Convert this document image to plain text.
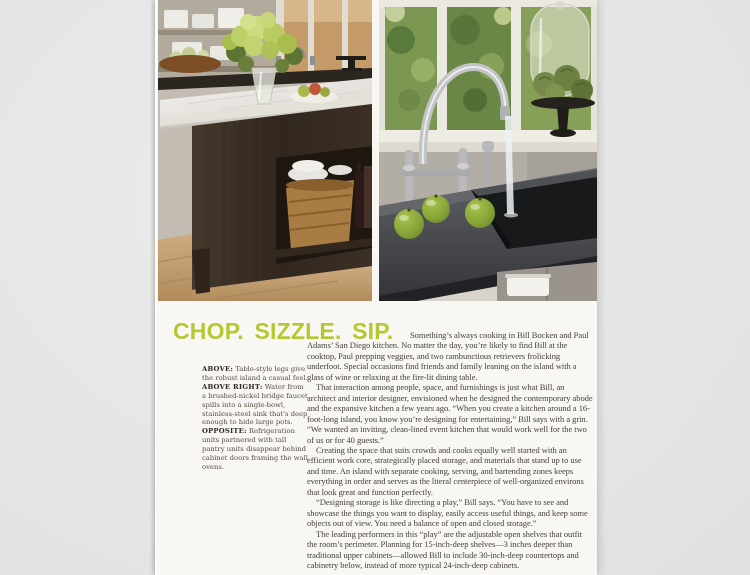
CHOP. SIZZLE. SIP.
ABOVE: Table-style legs give the robust island a casual feel. ABOVE RIGHT: Water from a brushed-nickel bridge faucet spills into a single-bowl, stainless-steel sink that's deep enough to hide large pots. OPPOSITE: Refrigeration units partnered with tall pantry units disappear behind cabinet doors framing the wall ovens.

Something’s always cooking in Bill Bocken and Paul Adams’ San Diego kitchen. No matter the day, you’re likely to find Bill at the cooktop, Paul prepping veggies, and two rambunctious retrievers frolicking underfoot. Special occasions find friends and family leaning on the island with a glass of wine or relaxing at the fire-lit dining table.

That interaction among people, space, and furnishings is just what Bill, an architect and interior designer, envisioned when he designed the contemporary abode and the expansive kitchen a few years ago. “When you create a kitchen around a 16-foot-long island, you know you’re designing for entertaining,” Bill says with a grin. “We wanted an inviting, clean-lined event kitchen that would work well for the two of us or for 40 guests.”

Creating the space that suits crowds and cooks equally well started with an efficient work core, strategically placed storage, and materials that stand up to use and time. An island with separate cooking, serving, and bartending zones keeps everything in order and serves as the literal centerpiece of well-organized environs that look great and function perfectly.

“Designing storage is like directing a play,” Bill says. “You have to see and showcase the things you want to display, easily access useful things, and keep some objects out of view. You need a balance of open and closed storage.”

The leading performers in this “play” are the adjustable open shelves that outfit the room’s perimeter. Planning for 15-inch-deep shelves—3 inches deeper than traditional upper cabinets—allowed Bill to include 30-inch-deep countertops and cabinetry below, instead of more typical 24-inch-deep cabinets.
